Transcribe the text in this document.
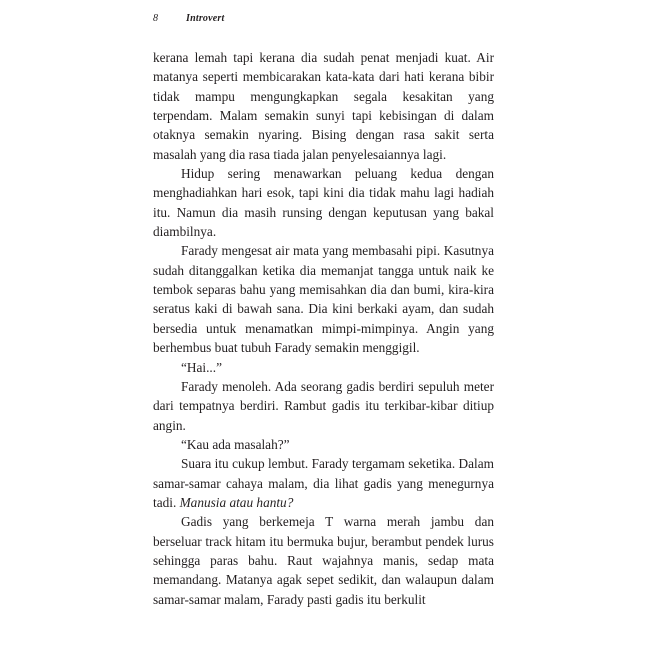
8	Introvert

kerana lemah tapi kerana dia sudah penat menjadi kuat. Air matanya seperti membicarakan kata-kata dari hati kerana bibir tidak mampu mengungkapkan segala kesakitan yang terpendam. Malam semakin sunyi tapi kebisingan di dalam otaknya semakin nyaring. Bising dengan rasa sakit serta masalah yang dia rasa tiada jalan penyelesaiannya lagi.

Hidup sering menawarkan peluang kedua dengan menghadiahkan hari esok, tapi kini dia tidak mahu lagi hadiah itu. Namun dia masih runsing dengan keputusan yang bakal diambilnya.

Farady mengesat air mata yang membasahi pipi. Kasutnya sudah ditanggalkan ketika dia memanjat tangga untuk naik ke tembok separas bahu yang memisahkan dia dan bumi, kira-kira seratus kaki di bawah sana. Dia kini berkaki ayam, dan sudah bersedia untuk menamatkan mimpi-mimpinya. Angin yang berhembus buat tubuh Farady semakin menggigil.

“Hai...”

Farady menoleh. Ada seorang gadis berdiri sepuluh meter dari tempatnya berdiri. Rambut gadis itu terkibar-kibar ditiup angin.

“Kau ada masalah?”

Suara itu cukup lembut. Farady tergamam seketika. Dalam samar-samar cahaya malam, dia lihat gadis yang menegurnya tadi. Manusia atau hantu?

Gadis yang berkemeja T warna merah jambu dan berseluar track hitam itu bermuka bujur, berambut pendek lurus sehingga paras bahu. Raut wajahnya manis, sedap mata memandang. Matanya agak sepet sedikit, dan walaupun dalam samar-samar malam, Farady pasti gadis itu berkulit
